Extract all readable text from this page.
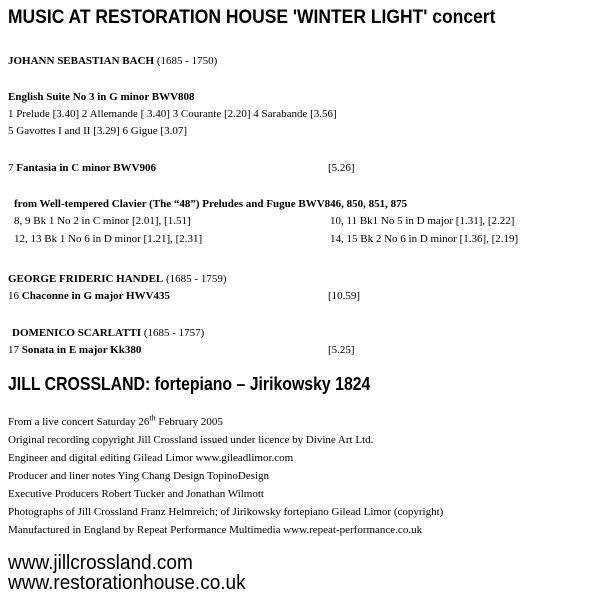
MUSIC AT RESTORATION HOUSE 'WINTER LIGHT' concert
JOHANN SEBASTIAN BACH (1685 - 1750)
English Suite No 3 in G minor BWV808
1 Prelude [3.40] 2 Allemande [ 3.40] 3 Courante [2.20] 4 Sarabande [3.56]
5 Gavottes I and II [3.29] 6 Gigue [3.07]
7 Fantasia in C minor BWV906	[5.26]
from Well-tempered Clavier (The “48”) Preludes and Fugue BWV846, 850, 851, 875
8, 9 Bk 1 No 2 in C minor [2.01], [1.51]	10, 11 Bk1 No 5 in D major [1.31], [2.22]
12, 13 Bk 1 No 6 in D minor [1.21], [2.31]	14, 15 Bk 2 No 6 in D minor [1.36], [2.19]
GEORGE FRIDERIC HANDEL (1685 - 1759)
16 Chaconne in G major HWV435	[10.59]
DOMENICO SCARLATTI (1685 - 1757)
17 Sonata in E major Kk380	[5.25]
JILL CROSSLAND: fortepiano – Jirikowsky 1824
From a live concert Saturday 26th February 2005
Original recording copyright Jill Crossland issued under licence by Divine Art Ltd.
Engineer and digital editing Gilead Limor www.gileadlimor.com
Producer and liner notes Ying Chang Design TopinoDesign
Executive Producers Robert Tucker and Jonathan Wilmott
Photographs of Jill Crossland Franz Helmreich; of Jirikowsky fortepiano Gilead Limor (copyright)
Manufactured in England by Repeat Performance Multimedia www.repeat-performance.co.uk
www.jillcrossland.com
www.restorationhouse.co.uk
